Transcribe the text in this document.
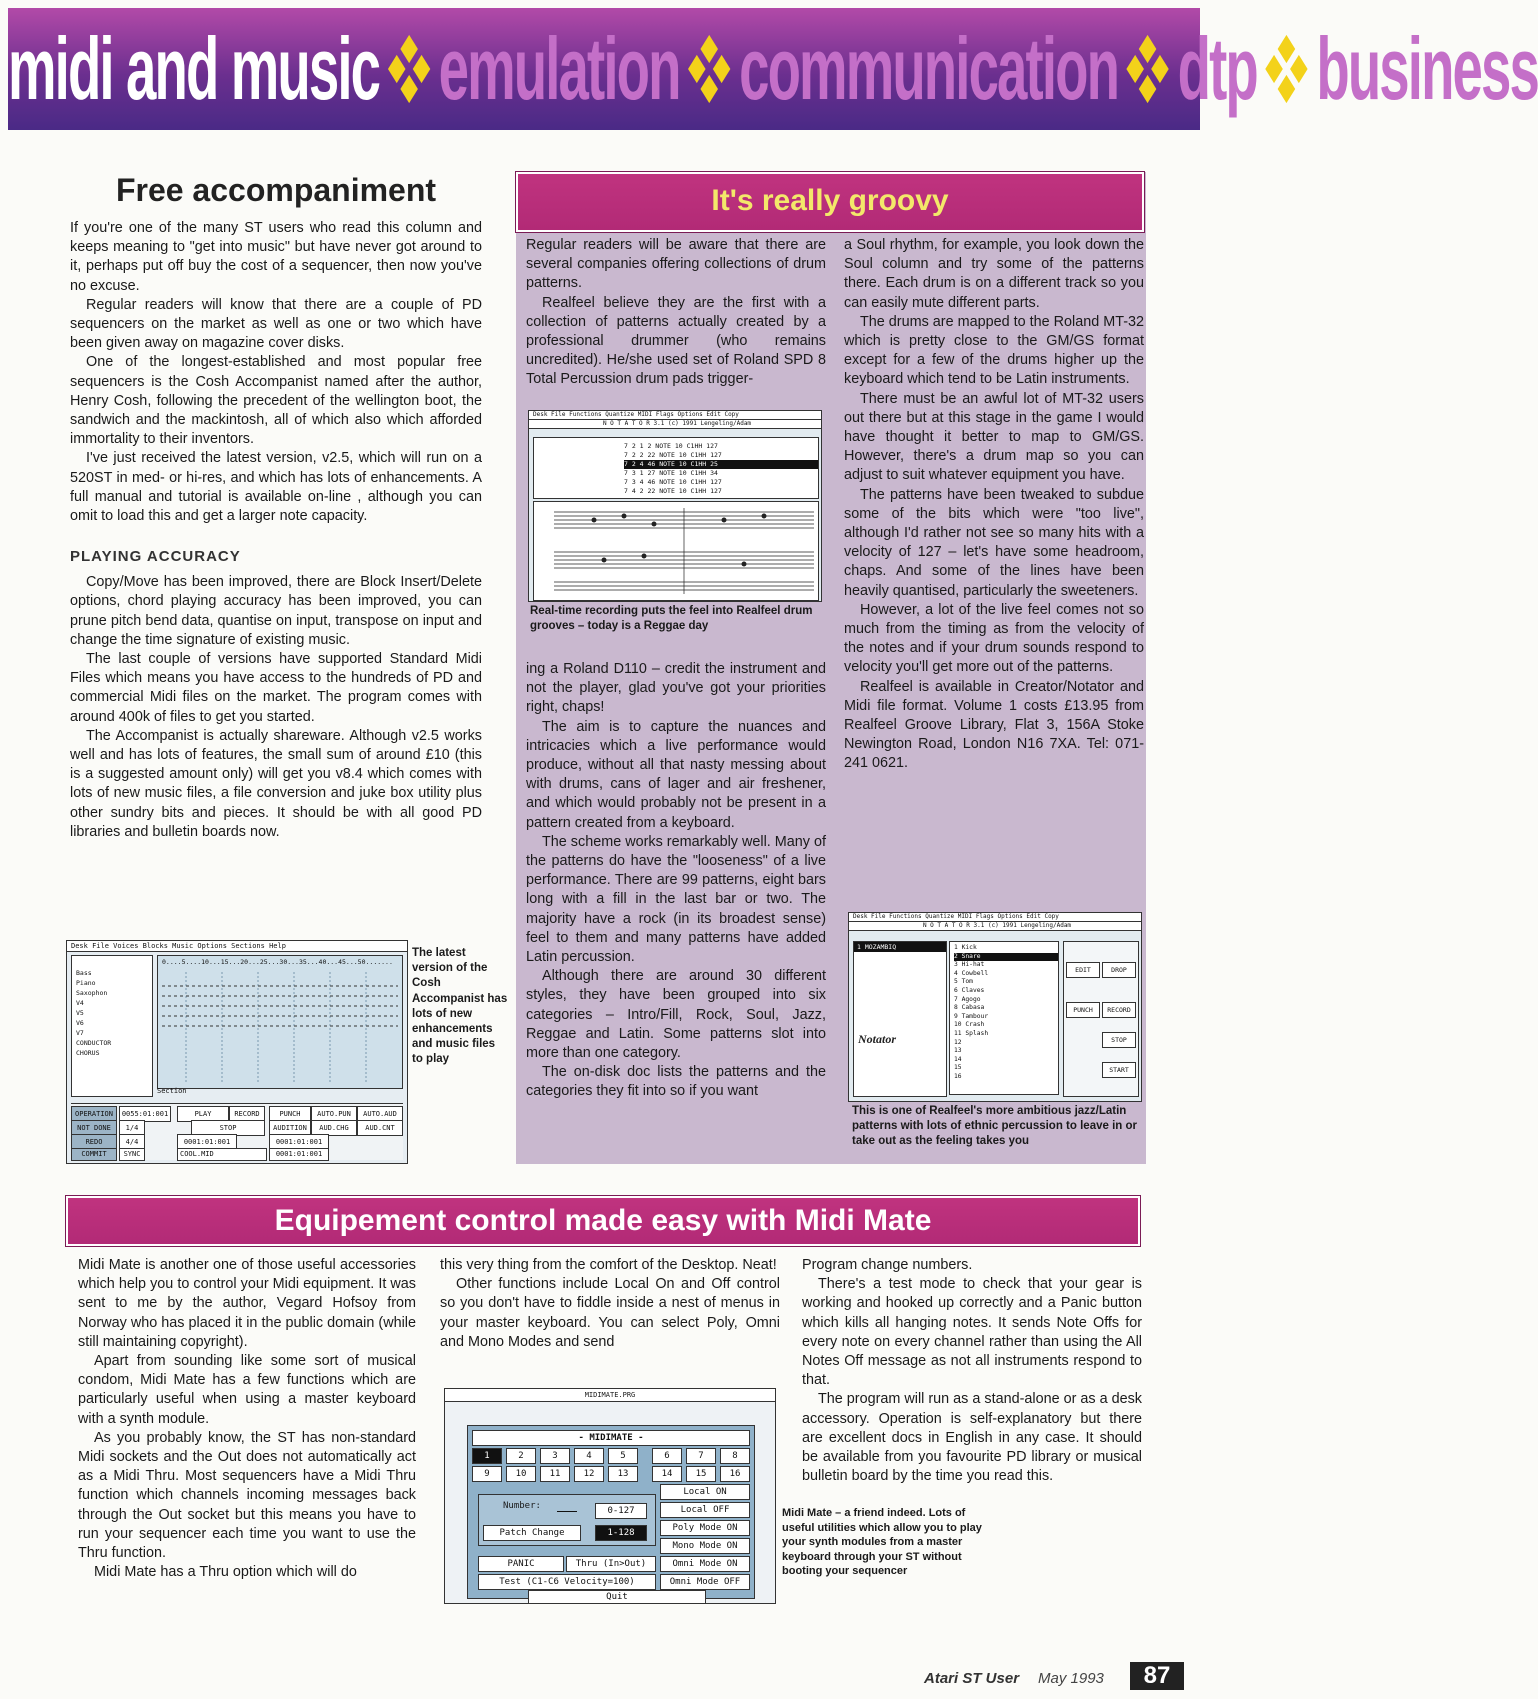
midi and music emulation communication dtp business
Free accompaniment

If you're one of the many ST users who read this column and keeps meaning to "get into music" but have never got around to it, perhaps put off buy the cost of a sequencer, then now you've no excuse.

Regular readers will know that there are a couple of PD sequencers on the market as well as one or two which have been given away on magazine cover disks.

One of the longest-established and most popular free sequencers is the Cosh Accompanist named after the author, Henry Cosh, following the precedent of the wellington boot, the sandwich and the mackintosh, all of which also which afforded immortality to their inventors.

I've just received the latest version, v2.5, which will run on a 520ST in med- or hi-res, and which has lots of enhancements. A full manual and tutorial is available on-line , although you can omit to load this and get a larger note capacity.

PLAYING ACCURACY

Copy/Move has been improved, there are Block Insert/Delete options, chord playing accuracy has been improved, you can prune pitch bend data, quantise on input, transpose on input and change the time signature of existing music.

The last couple of versions have supported Standard Midi Files which means you have access to the hundreds of PD and commercial Midi files on the market. The program comes with around 400k of files to get you started.

The Accompanist is actually shareware. Although v2.5 works well and has lots of features, the small sum of around £10 (this is a suggested amount only) will get you v8.4 which comes with lots of new music files, a file conversion and juke box utility plus other sundry bits and pieces. It should be with all good PD libraries and bulletin boards now.

Desk File Voices Blocks Music Options Sections Help
Bass
Piano
Saxophon
V4
V5
V6
V7
CONDUCTOR
CHORUS
0....5....10...15...20...25...30...35...40...45...50.......
Section
OPERATION
NOT DONE
REDO
COMMIT
0055:01:001
1/4
4/4
SYNC
PLAY	RECORD
STOP
0001:01:001
COOL.MID
PUNCH	AUTO.PUN	AUTO.AUD
AUDITION	AUD.CHG	AUD.CNT
0001:01:001
0001:01:001
The latest version of the Cosh Accompanist has lots of new enhancements and music files to play
It's really groovy

Regular readers will be aware that there are several companies offering collections of drum patterns.

Realfeel believe they are the first with a collection of patterns actually created by a professional drummer (who remains uncredited). He/she used set of Roland SPD 8 Total Percussion drum pads trigger-

Desk File Functions Quantize MIDI Flags Options Edit Copy
N O T A T O R 3.1 (c) 1991 Lengeling/Adam
7 2 1 2 NOTE 10 C1HH 127
7 2 2 22 NOTE 10 C1HH 127
7 2 4 46 NOTE 10 C1HH 25
7 3 1 27 NOTE 10 C1HH 34
7 3 4 46 NOTE 10 C1HH 127
7 4 2 22 NOTE 10 C1HH 127
Real-time recording puts the feel into Realfeel drum grooves – today is a Reggae day

ing a Roland D110 – credit the instrument and not the player, glad you've got your priorities right, chaps!

The aim is to capture the nuances and intricacies which a live performance would produce, without all that nasty messing about with drums, cans of lager and air freshener, and which would probably not be present in a pattern created from a keyboard.

The scheme works remarkably well. Many of the patterns do have the "looseness" of a live performance. There are 99 patterns, eight bars long with a fill in the last bar or two. The majority have a rock (in its broadest sense) feel to them and many patterns have added Latin percussion.

Although there are around 30 different styles, they have been grouped into six categories – Intro/Fill, Rock, Soul, Jazz, Reggae and Latin. Some patterns slot into more than one category.

The on-disk doc lists the patterns and the categories they fit into so if you want

a Soul rhythm, for example, you look down the Soul column and try some of the patterns there. Each drum is on a different track so you can easily mute different parts.

The drums are mapped to the Roland MT-32 which is pretty close to the GM/GS format except for a few of the drums higher up the keyboard which tend to be Latin instruments.

There must be an awful lot of MT-32 users out there but at this stage in the game I would have thought it better to map to GM/GS. However, there's a drum map so you can adjust to suit whatever equipment you have.

The patterns have been tweaked to subdue some of the bits which were "too live", although I'd rather not see so many hits with a velocity of 127 – let's have some headroom, chaps. And some of the lines have been heavily quantised, particularly the sweeteners.

However, a lot of the live feel comes not so much from the timing as from the velocity of the notes and if your drum sounds respond to velocity you'll get more out of the patterns.

Realfeel is available in Creator/Notator and Midi file format. Volume 1 costs £13.95 from Realfeel Groove Library, Flat 3, 156A Stoke Newington Road, London N16 7XA. Tel: 071-241 0621.

Desk File Functions Quantize MIDI Flags Options Edit Copy
N O T A T O R 3.1 (c) 1991 Lengeling/Adam
1 MOZAMBIQ
Notator
1 Kick
2 Snare
3 Hi-hat
4 Cowbell
5 Tom
6 Claves
7 Agogo
8 Cabasa
9 Tambour
10 Crash
11 Splash
12
13
14
15
16
EDIT	DROP
PUNCH	RECORD
STOP
START
This is one of Realfeel's more ambitious jazz/Latin patterns with lots of ethnic percussion to leave in or take out as the feeling takes you
Equipement control made easy with Midi Mate

Midi Mate is another one of those useful accessories which help you to control your Midi equipment. It was sent to me by the author, Vegard Hofsoy from Norway who has placed it in the public domain (while still maintaining copyright).

Apart from sounding like some sort of musical condom, Midi Mate has a few functions which are particularly useful when using a master keyboard with a synth module.

As you probably know, the ST has non-standard Midi sockets and the Out does not automatically act as a Midi Thru. Most sequencers have a Midi Thru function which channels incoming messages back through the Out socket but this means you have to run your sequencer each time you want to use the Thru function.

Midi Mate has a Thru option which will do

this very thing from the comfort of the Desktop. Neat!

Other functions include Local On and Off control so you don't have to fiddle inside a nest of menus in your master keyboard. You can select Poly, Omni and Mono Modes and send

Program change numbers.

There's a test mode to check that your gear is working and hooked up correctly and a Panic button which kills all hanging notes. It sends Note Offs for every note on every channel rather than using the All Notes Off message as not all instruments respond to that.

The program will run as a stand-alone or as a desk accessory. Operation is self-explanatory but there are excellent docs in English in any case. It should be available from you favourite PD library or musical bulletin board by the time you read this.

MIDIMATE.PRG
- MIDIMATE -
1	2	3	4	5	6	7	8
9	10	11	12	13	14	15	16
Local ON
Local OFF
Poly Mode ON
Mono Mode ON
Omni Mode ON
Omni Mode OFF
Number:	0-127
Patch Change	1-128
PANIC	Thru (In>Out)
Test (C1-C6 Velocity=100)
Quit
Midi Mate – a friend indeed. Lots of useful utilities which allow you to play your synth modules from a master keyboard through your ST without booting your sequencer
Atari ST User May 1993	87
